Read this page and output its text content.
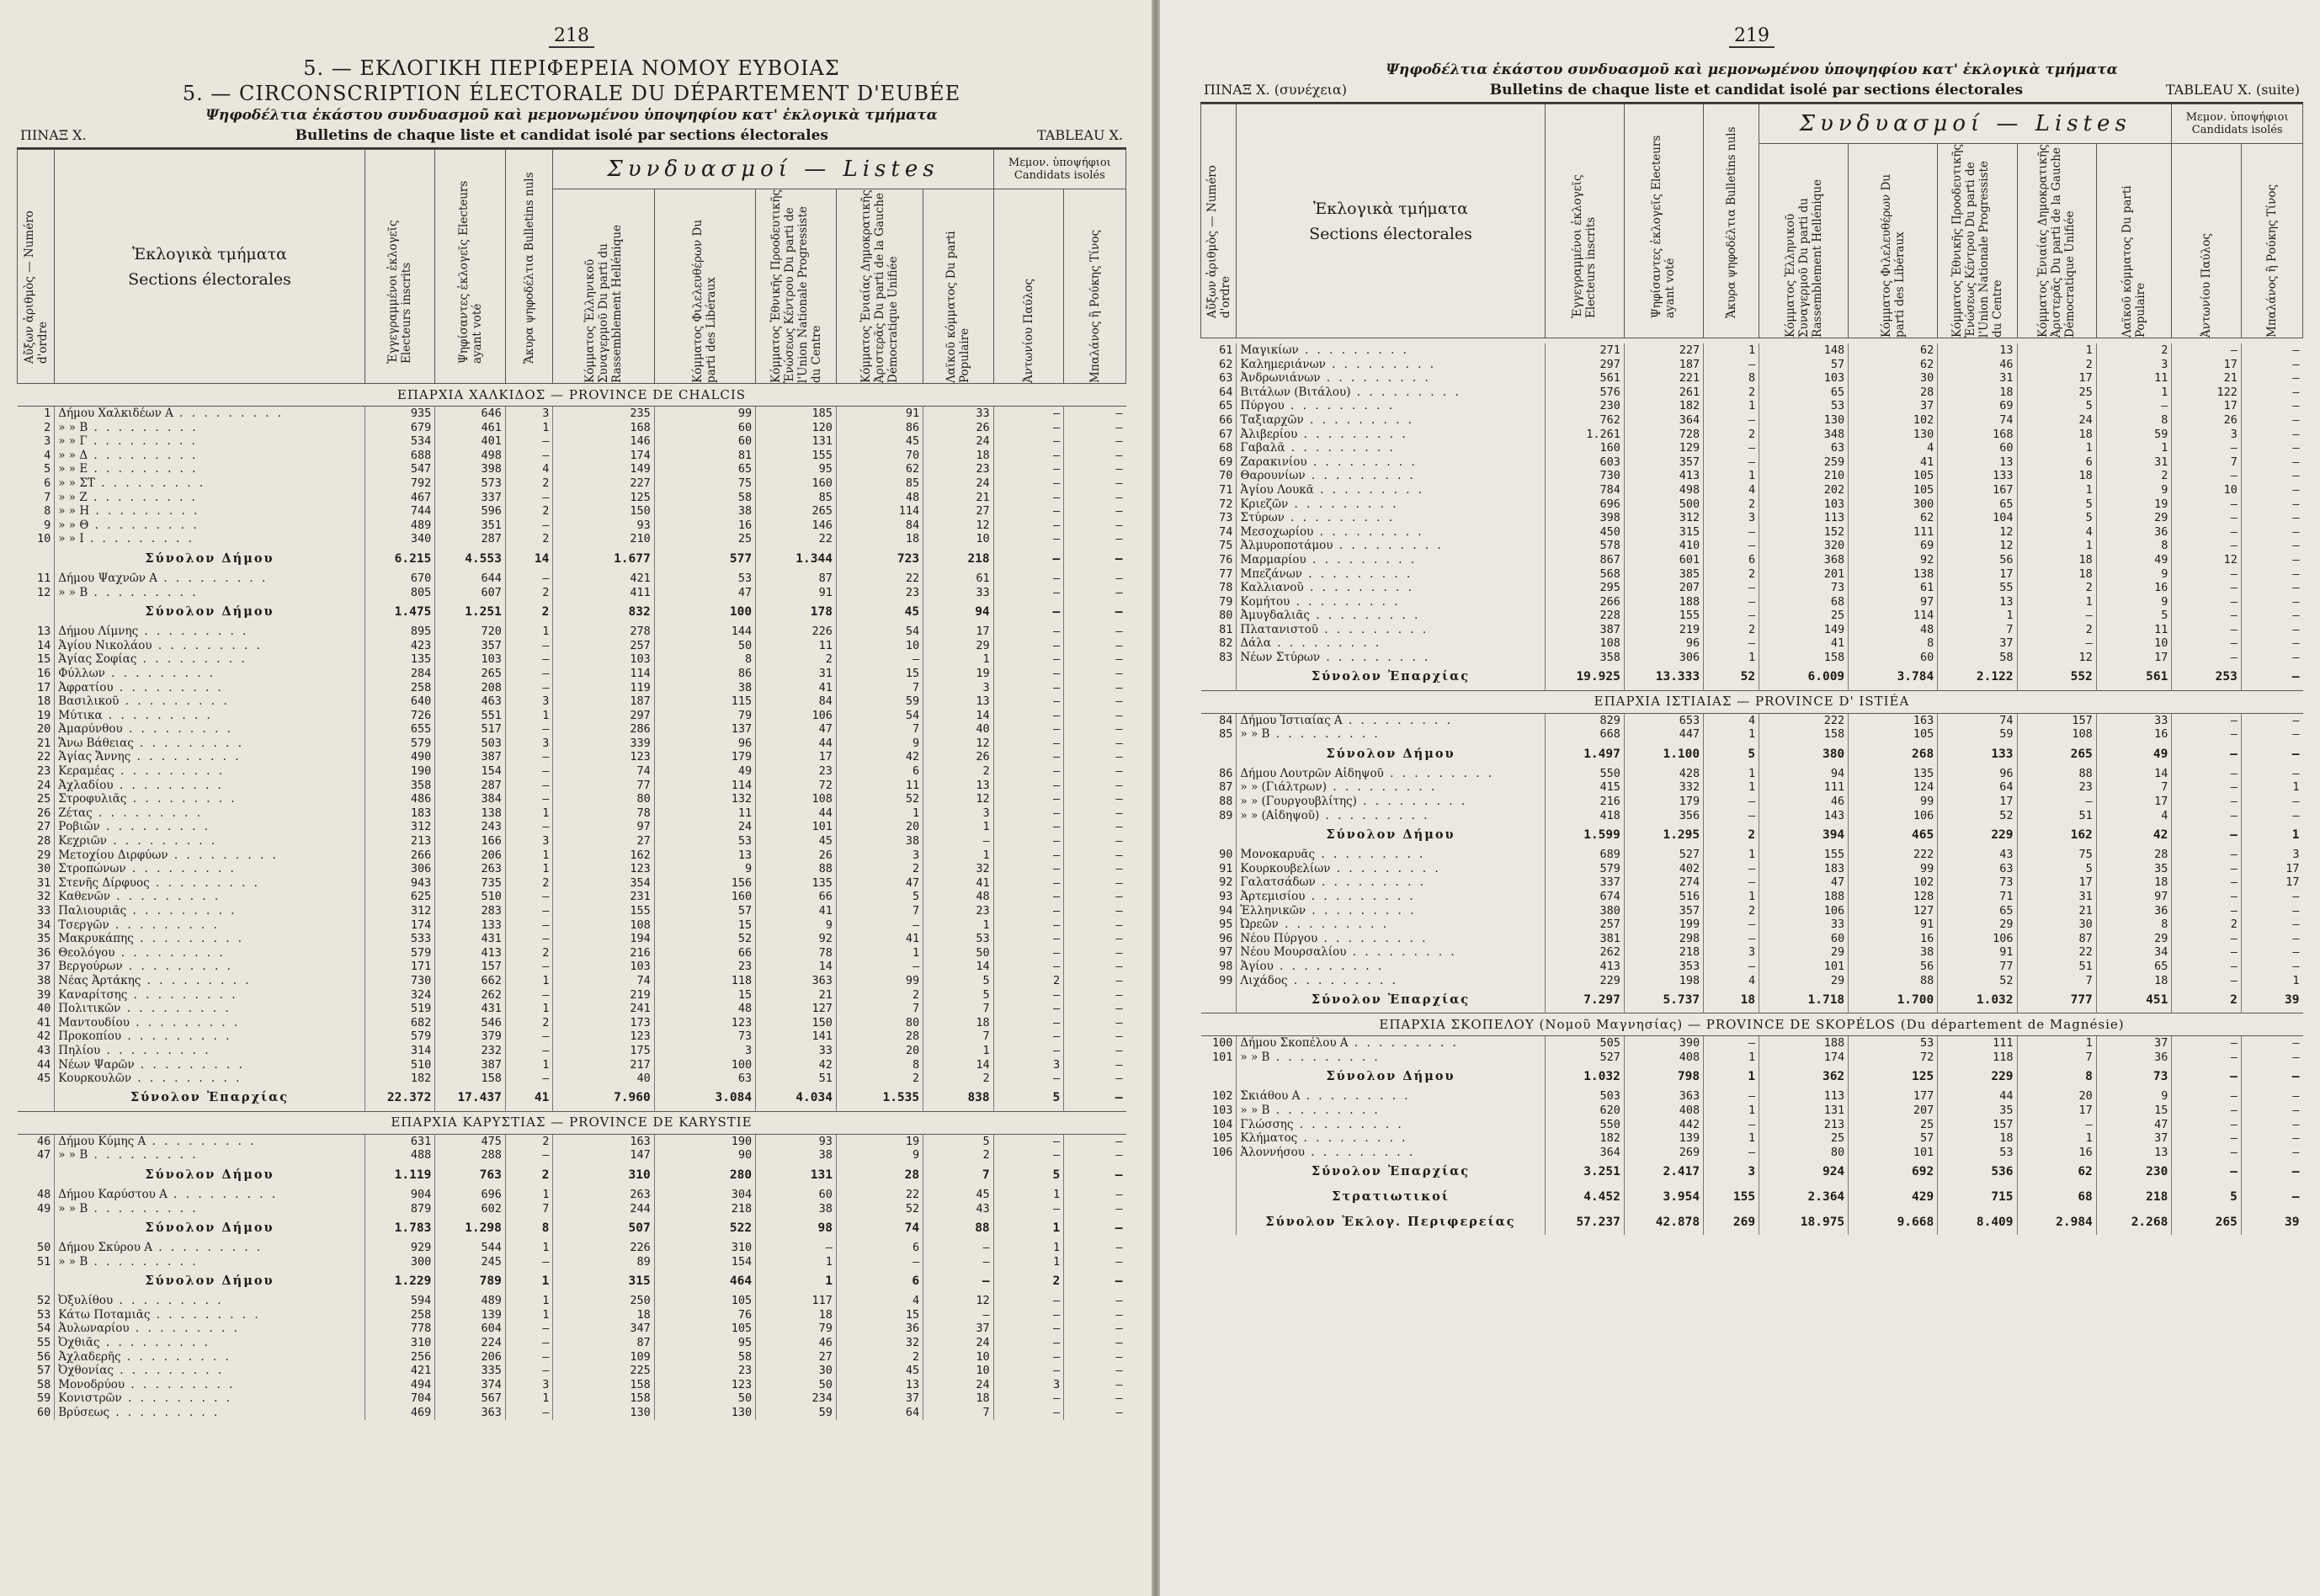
218
5. — ΕΚΛΟΓΙΚΗ ΠΕΡΙΦΕΡΕΙΑ ΝΟΜΟΥ ΕΥΒΟΙΑΣ
5. — CIRCONSCRIPTION ÉLECTORALE DU DÉPARTEMENT D'EUBÉE
Ψηφοδέλτια ἑκάστου συνδυασμοῦ καὶ μεμονωμένου ὑποψηφίου κατ' ἐκλογικὰ τμήματα
ΠΙΝΑΞ Χ.	Bulletins de chaque liste et candidat isolé par sections électorales	TABLEAU X.
Αὔξων ἀριθμὸς — Numéro d'ordre	Ἐκλογικὰ τμήματα
Sections électorales	Ἐγγεγραμμένοι ἐκλογεῖς Electeurs inscrits	Ψηφίσαντες ἐκλογεῖς Electeurs ayant voté	Ἄκυρα ψηφοδέλτια Bulletins nuls	Συνδυασμοί — Listes					Μεμον. ὑποψήφιοι Candidats isolés	

					Κόμματος Ἑλληνικοῦ Συναγερμοῦ Du parti du Rassemblement Hellénique	Κόμματος Φιλελευθέρων Du parti des Libéraux	Κόμματος Ἐθνικῆς Προοδευτικῆς Ἑνώσεως Κέντρου Du parti de l'Union Nationale Progressiste du Centre	Κόμματος Ἑνιαίας Δημοκρατικῆς Ἀριστερᾶς Du parti de la Gauche Démocratique Unifiée	Λαϊκοῦ κόμματος Du parti Populaire	Ἀντωνίου Παύλος	Μπαλάνος ἢ Ρούκης Τίνος

ΕΠΑΡΧΙΑ ΧΑΛΚΙΔΟΣ — PROVINCE DE CHALCIS											
1	Δήμου Χαλκιδέων Α . . . . . . . . .	935	646	3	235	99	185	91	33	—	—
2	» » Β . . . . . . . . .	679	461	1	168	60	120	86	26	—	—
3	» » Γ . . . . . . . . .	534	401	—	146	60	131	45	24	—	—
4	» » Δ . . . . . . . . .	688	498	—	174	81	155	70	18	—	—
5	» » Ε . . . . . . . . .	547	398	4	149	65	95	62	23	—	—
6	» » ΣΤ . . . . . . . . .	792	573	2	227	75	160	85	24	—	—
7	» » Ζ . . . . . . . . .	467	337	—	125	58	85	48	21	—	—
8	» » Η . . . . . . . . .	744	596	2	150	38	265	114	27	—	—
9	» » Θ . . . . . . . . .	489	351	—	93	16	146	84	12	—	—
10	» » Ι . . . . . . . . .	340	287	2	210	25	22	18	10	—	—
	Σύνολον Δήμου	6.215	4.553	14	1.677	577	1.344	723	218	—	—
11	Δήμου Ψαχνῶν Α . . . . . . . . .	670	644	—	421	53	87	22	61	—	—
12	» » Β . . . . . . . . .	805	607	2	411	47	91	23	33	—	—
	Σύνολον Δήμου	1.475	1.251	2	832	100	178	45	94	—	—
13	Δήμου Λίμνης . . . . . . . . .	895	720	1	278	144	226	54	17	—	—
14	Ἁγίου Νικολάου . . . . . . . . .	423	357	—	257	50	11	10	29	—	—
15	Ἁγίας Σοφίας . . . . . . . . .	135	103	—	103	8	2	—	1	—	—
16	Φύλλων . . . . . . . . .	284	265	—	114	86	31	15	19	—	—
17	Ἀφρατίου . . . . . . . . .	258	208	—	119	38	41	7	3	—	—
18	Βασιλικοῦ . . . . . . . . .	640	463	3	187	115	84	59	13	—	—
19	Μύτικα . . . . . . . . .	726	551	1	297	79	106	54	14	—	—
20	Ἀμαρύνθου . . . . . . . . .	655	517	—	286	137	47	7	40	—	—
21	Ἄνω Βάθειας . . . . . . . . .	579	503	3	339	96	44	9	12	—	—
22	Ἁγίας Ἄννης . . . . . . . . .	490	387	—	123	179	17	42	26	—	—
23	Κεραμέας . . . . . . . . .	190	154	—	74	49	23	6	2	—	—
24	Ἀχλαδίου . . . . . . . . .	358	287	—	77	114	72	11	13	—	—
25	Στροφυλιᾶς . . . . . . . . .	486	384	—	80	132	108	52	12	—	—
26	Ζέτας . . . . . . . . .	183	138	1	78	11	44	1	3	—	—
27	Ροβιῶν . . . . . . . . .	312	243	—	97	24	101	20	1	—	—
28	Κεχριῶν . . . . . . . . .	213	166	3	27	53	45	38	—	—	—
29	Μετοχίου Διρφύων . . . . . . . . .	266	206	1	162	13	26	3	1	—	—
30	Στροπώνων . . . . . . . . .	306	263	1	123	9	88	2	32	—	—
31	Στενῆς Δίρφυος . . . . . . . . .	943	735	2	354	156	135	47	41	—	—
32	Καθενῶν . . . . . . . . .	625	510	—	231	160	66	5	48	—	—
33	Παλιουριᾶς . . . . . . . . .	312	283	—	155	57	41	7	23	—	—
34	Τσεργῶν . . . . . . . . .	174	133	—	108	15	9	—	1	—	—
35	Μακρυκάπης . . . . . . . . .	533	431	—	194	52	92	41	53	—	—
36	Θεολόγου . . . . . . . . .	579	413	2	216	66	78	1	50	—	—
37	Βεργούρων . . . . . . . . .	171	157	—	103	23	14	—	14	—	—
38	Νέας Ἀρτάκης . . . . . . . . .	730	662	1	74	118	363	99	5	2	—
39	Καναρίτσης . . . . . . . . .	324	262	—	219	15	21	2	5	—	—
40	Πολιτικῶν . . . . . . . . .	519	431	1	241	48	127	7	7	—	—
41	Μαντουδίου . . . . . . . . .	682	546	2	173	123	150	80	18	—	—
42	Προκοπίου . . . . . . . . .	579	379	—	123	73	141	28	7	—	—
43	Πηλίου . . . . . . . . .	314	232	—	175	3	33	20	1	—	—
44	Νέων Ψαρῶν . . . . . . . . .	510	387	1	217	100	42	8	14	3	—
45	Κουρκουλῶν . . . . . . . . .	182	158	—	40	63	51	2	2	—	—
	Σύνολον Ἐπαρχίας	22.372	17.437	41	7.960	3.084	4.034	1.535	838	5	—
ΕΠΑΡΧΙΑ ΚΑΡΥΣΤΙΑΣ — PROVINCE DE KARYSTIE											
46	Δήμου Κύμης Α . . . . . . . . .	631	475	2	163	190	93	19	5	—	—
47	» » Β . . . . . . . . .	488	288	—	147	90	38	9	2	—	—
	Σύνολον Δήμου	1.119	763	2	310	280	131	28	7	5	—
48	Δήμου Καρύστου Α . . . . . . . . .	904	696	1	263	304	60	22	45	1	—
49	» » Β . . . . . . . . .	879	602	7	244	218	38	52	43	—	—
	Σύνολον Δήμου	1.783	1.298	8	507	522	98	74	88	1	—
50	Δήμου Σκύρου Α . . . . . . . . .	929	544	1	226	310	—	6	—	1	—
51	» » Β . . . . . . . . .	300	245	—	89	154	1	—	—	1	—
	Σύνολον Δήμου	1.229	789	1	315	464	1	6	—	2	—
52	Ὀξυλίθου . . . . . . . . .	594	489	1	250	105	117	4	12	—	—
53	Κάτω Ποταμιᾶς . . . . . . . . .	258	139	1	18	76	18	15	—	—	—
54	Ἀυλωναρίου . . . . . . . . .	778	604	—	347	105	79	36	37	—	—
55	Ὀχθιᾶς . . . . . . . . .	310	224	—	87	95	46	32	24	—	—
56	Ἀχλαδερῆς . . . . . . . . .	256	206	—	109	58	27	2	10	—	—
57	Ὀχθονίας . . . . . . . . .	421	335	—	225	23	30	45	10	—	—
58	Μονοδρύου . . . . . . . . .	494	374	3	158	123	50	13	24	3	—
59	Κονιστρῶν . . . . . . . . .	704	567	1	158	50	234	37	18	—	—
60	Βρύσεως . . . . . . . . .	469	363	—	130	130	59	64	7	—	—
219
Ψηφοδέλτια ἑκάστου συνδυασμοῦ καὶ μεμονωμένου ὑποψηφίου κατ' ἐκλογικὰ τμήματα
ΠΙΝΑΞ Χ. (συνέχεια)	Bulletins de chaque liste et candidat isolé par sections électorales	TABLEAU X. (suite)
Αὔξων ἀριθμὸς — Numéro d'ordre	Ἐκλογικὰ τμήματα
Sections électorales	Ἐγγεγραμμένοι ἐκλογεῖς Electeurs inscrits	Ψηφίσαντες ἐκλογεῖς Electeurs ayant voté	Ἄκυρα ψηφοδέλτια Bulletins nuls	Συνδυασμοί — Listes					Μεμον. ὑποψήφιοι Candidats isolés	

					Κόμματος Ἑλληνικοῦ Συναγερμοῦ Du parti du Rassemblement Hellénique	Κόμματος Φιλελευθέρων Du parti des Libéraux	Κόμματος Ἐθνικῆς Προοδευτικῆς Ἑνώσεως Κέντρου Du parti de l'Union Nationale Progressiste du Centre	Κόμματος Ἑνιαίας Δημοκρατικῆς Ἀριστερᾶς Du parti de la Gauche Démocratique Unifiée	Λαϊκοῦ κόμματος Du parti Populaire	Ἀντωνίου Παύλος	Μπαλάνος ἢ Ρούκης Τίνος

61	Μαγικίων . . . . . . . . .	271	227	1	148	62	13	1	2	—	—
62	Καλημεριάνων . . . . . . . . .	297	187	—	57	62	46	2	3	17	—
63	Ἀνδρωνιάνων . . . . . . . . .	561	221	8	103	30	31	17	11	21	—
64	Βιτάλων (Βιτάλου) . . . . . . . . .	576	261	2	65	28	18	25	1	122	—
65	Πύργου . . . . . . . . .	230	182	1	53	37	69	5	—	17	—
66	Ταξιαρχῶν . . . . . . . . .	762	364	—	130	102	74	24	8	26	—
67	Ἀλιβερίου . . . . . . . . .	1.261	728	2	348	130	168	18	59	3	—
68	Γαβαλᾶ . . . . . . . . .	160	129	—	63	4	60	1	1	—	—
69	Ζαρακινίου . . . . . . . . .	603	357	—	259	41	13	6	31	7	—
70	Θαρουνίων . . . . . . . . .	730	413	1	210	105	133	18	2	—	—
71	Ἁγίου Λουκᾶ . . . . . . . . .	784	498	4	202	105	167	1	9	10	—
72	Κριεζῶν . . . . . . . . .	696	500	2	103	300	65	5	19	—	—
73	Στύρων . . . . . . . . .	398	312	3	113	62	104	5	29	—	—
74	Μεσοχωρίου . . . . . . . . .	450	315	—	152	111	12	4	36	—	—
75	Ἀλμυροποτάμου . . . . . . . . .	578	410	—	320	69	12	1	8	—	—
76	Μαρμαρίου . . . . . . . . .	867	601	6	368	92	56	18	49	12	—
77	Μπεζάνων . . . . . . . . .	568	385	2	201	138	17	18	9	—	—
78	Καλλιανοῦ . . . . . . . . .	295	207	—	73	61	55	2	16	—	—
79	Κομήτου . . . . . . . . .	266	188	—	68	97	13	1	9	—	—
80	Ἀμυγδαλιᾶς . . . . . . . . .	228	155	—	25	114	1	—	5	—	—
81	Πλατανιστοῦ . . . . . . . . .	387	219	2	149	48	7	2	11	—	—
82	Δάλα . . . . . . . . .	108	96	—	41	8	37	—	10	—	—
83	Νέων Στύρων . . . . . . . . .	358	306	1	158	60	58	12	17	—	—
	Σύνολον Ἐπαρχίας	19.925	13.333	52	6.009	3.784	2.122	552	561	253	—
ΕΠΑΡΧΙΑ ΙΣΤΙΑΙΑΣ — PROVINCE D' ISTIÉA											
84	Δήμου Ἱστιαίας Α . . . . . . . . .	829	653	4	222	163	74	157	33	—	—
85	» » Β . . . . . . . . .	668	447	1	158	105	59	108	16	—	—
	Σύνολον Δήμου	1.497	1.100	5	380	268	133	265	49	—	—
86	Δήμου Λουτρῶν Αἰδηψοῦ . . . . . . . . .	550	428	1	94	135	96	88	14	—	—
87	» » (Γιάλτρων) . . . . . . . . .	415	332	1	111	124	64	23	7	—	1
88	» » (Γουργουβλίτης) . . . . . . . . .	216	179	—	46	99	17	—	17	—	—
89	» » (Αἰδηψοῦ) . . . . . . . . .	418	356	—	143	106	52	51	4	—	—
	Σύνολον Δήμου	1.599	1.295	2	394	465	229	162	42	—	1
90	Μονοκαρυᾶς . . . . . . . . .	689	527	1	155	222	43	75	28	—	3
91	Κουρκουβελίων . . . . . . . . .	579	402	—	183	99	63	5	35	—	17
92	Γαλατσάδων . . . . . . . . .	337	274	—	47	102	73	17	18	—	17
93	Ἀρτεμισίου . . . . . . . . .	674	516	1	188	128	71	31	97	—	—
94	Ἑλληνικῶν . . . . . . . . .	380	357	2	106	127	65	21	36	—	—
95	Ὠρεῶν . . . . . . . . .	257	199	—	33	91	29	30	8	2	—
96	Νέου Πύργου . . . . . . . . .	381	298	—	60	16	106	87	29	—	—
97	Νέου Μουρσαλίου . . . . . . . . .	262	218	3	29	38	91	22	34	—	—
98	Ἁγίου . . . . . . . . .	413	353	—	101	56	77	51	65	—	—
99	Λιχάδος . . . . . . . . .	229	198	4	29	88	52	7	18	—	1
	Σύνολον Ἐπαρχίας	7.297	5.737	18	1.718	1.700	1.032	777	451	2	39
ΕΠΑΡΧΙΑ ΣΚΟΠΕΛΟΥ (Νομοῦ Μαγνησίας) — PROVINCE DE SKOPÉLOS (Du département de Magnésie)											
100	Δήμου Σκοπέλου Α . . . . . . . . .	505	390	—	188	53	111	1	37	—	—
101	» » Β . . . . . . . . .	527	408	1	174	72	118	7	36	—	—
	Σύνολον Δήμου	1.032	798	1	362	125	229	8	73	—	—
102	Σκιάθου Α . . . . . . . . .	503	363	—	113	177	44	20	9	—	—
103	» » Β . . . . . . . . .	620	408	1	131	207	35	17	15	—	—
104	Γλώσσης . . . . . . . . .	550	442	—	213	25	157	—	47	—	—
105	Κλήματος . . . . . . . . .	182	139	1	25	57	18	1	37	—	—
106	Ἀλοννήσου . . . . . . . . .	364	269	—	80	101	53	16	13	—	—
	Σύνολον Ἐπαρχίας	3.251	2.417	3	924	692	536	62	230	—	—
	Στρατιωτικοί	4.452	3.954	155	2.364	429	715	68	218	5	—
	Σύνολον Ἐκλογ. Περιφερείας	57.237	42.878	269	18.975	9.668	8.409	2.984	2.268	265	39
